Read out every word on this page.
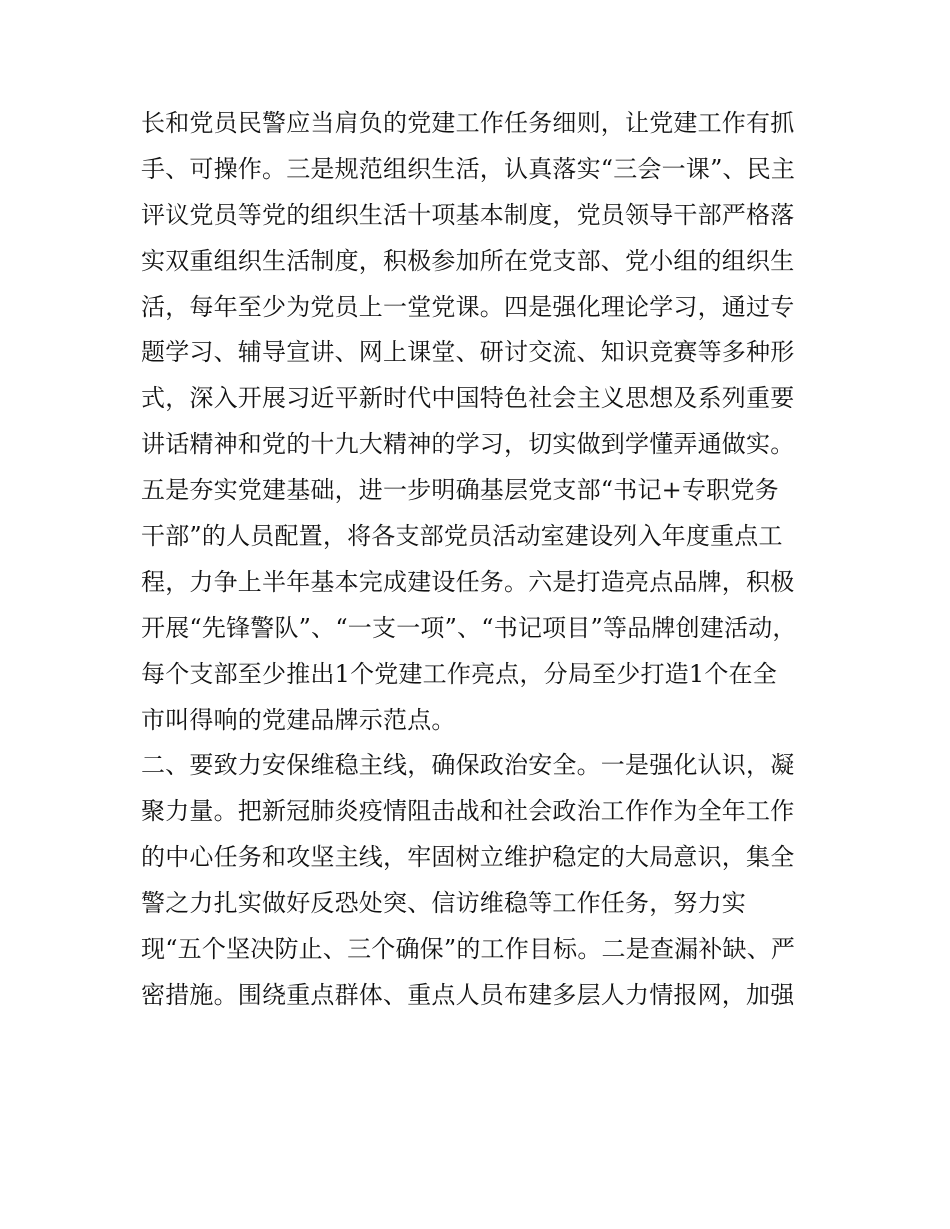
长和党员民警应当肩负的党建工作任务细则，让党建工作有抓
手、可操作。三是规范组织生活，认真落实“三会一课”、民主
评议党员等党的组织生活十项基本制度，党员领导干部严格落
实双重组织生活制度，积极参加所在党支部、党小组的组织生
活，每年至少为党员上一堂党课。四是强化理论学习，通过专
题学习、辅导宣讲、网上课堂、研讨交流、知识竞赛等多种形
式，深入开展习近平新时代中国特色社会主义思想及系列重要
讲话精神和党的十九大精神的学习，切实做到学懂弄通做实。
五是夯实党建基础，进一步明确基层党支部“书记+专职党务
干部”的人员配置，将各支部党员活动室建设列入年度重点工
程，力争上半年基本完成建设任务。六是打造亮点品牌，积极
开展“先锋警队”、“一支一项”、“书记项目”等品牌创建活动，
每个支部至少推出1个党建工作亮点，分局至少打造1个在全
市叫得响的党建品牌示范点。
二、要致力安保维稳主线，确保政治安全。一是强化认识，凝
聚力量。把新冠肺炎疫情阻击战和社会政治工作作为全年工作
的中心任务和攻坚主线，牢固树立维护稳定的大局意识，集全
警之力扎实做好反恐处突、信访维稳等工作任务，努力实
现“五个坚决防止、三个确保”的工作目标。二是查漏补缺、严
密措施。围绕重点群体、重点人员布建多层人力情报网，加强
